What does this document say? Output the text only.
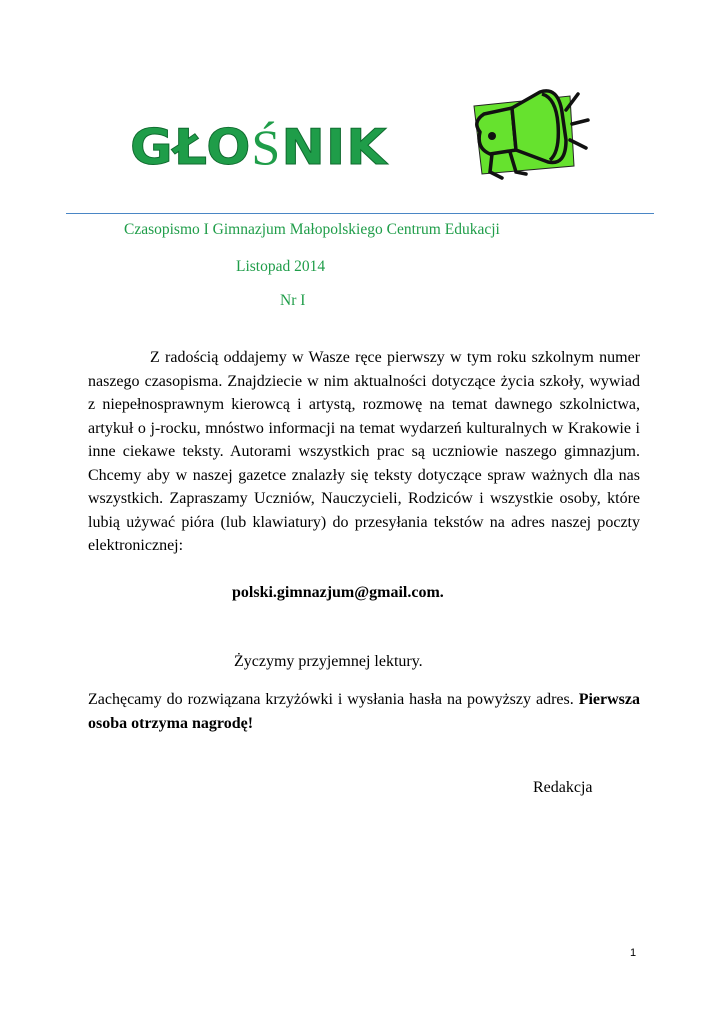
GŁOŚNIK
Czasopismo I Gimnazjum Małopolskiego Centrum Edukacji
Listopad 2014
Nr I
Z radością oddajemy w Wasze ręce pierwszy w tym roku szkolnym numer naszego czasopisma. Znajdziecie w nim aktualności dotyczące życia szkoły, wywiad z niepełnosprawnym kierowcą i artystą, rozmowę na temat dawnego szkolnictwa, artykuł o j-rocku, mnóstwo informacji na temat wydarzeń kulturalnych w Krakowie i inne ciekawe teksty. Autorami wszystkich prac są uczniowie naszego gimnazjum. Chcemy aby w naszej gazetce znalazły się teksty dotyczące spraw ważnych dla nas wszystkich. Zapraszamy Uczniów, Nauczycieli, Rodziców i wszystkie osoby, które lubią używać pióra (lub klawiatury) do przesyłania tekstów na adres naszej poczty elektronicznej:
polski.gimnazjum@gmail.com.
Życzymy przyjemnej lektury.
Zachęcamy do rozwiązana krzyżówki i wysłania hasła na powyższy adres. Pierwsza osoba otrzyma nagrodę!
Redakcja
1
